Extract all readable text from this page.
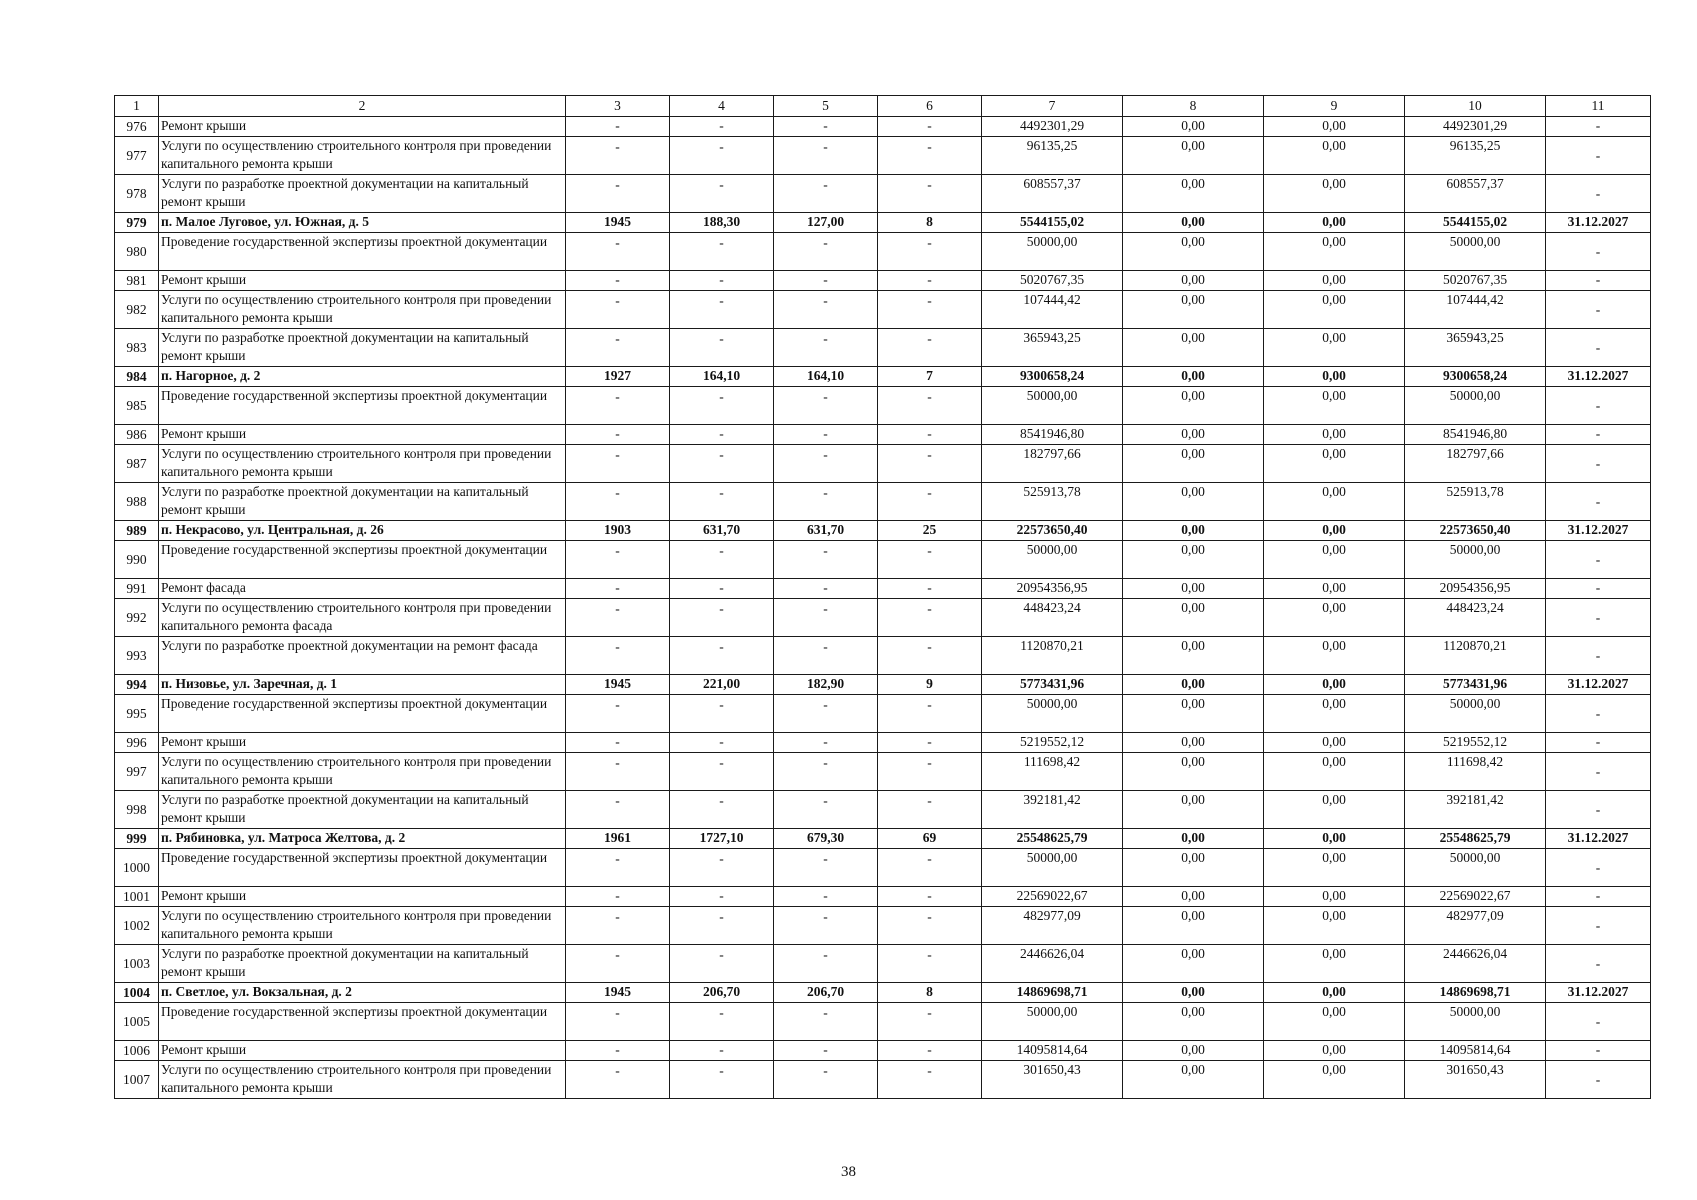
1	2	3	4	5	6	7	8	9	10	11
976	Ремонт крыши	-	-	-	-	4492301,29	0,00	0,00	4492301,29	-
977	Услуги по осуществлению строительного контроля при проведении капитального ремонта крыши	-	-	-	-	96135,25	0,00	0,00	96135,25	-
978	Услуги по разработке проектной документации на капитальный ремонт крыши	-	-	-	-	608557,37	0,00	0,00	608557,37	-
979	п. Малое Луговое, ул. Южная, д. 5	1945	188,30	127,00	8	5544155,02	0,00	0,00	5544155,02	31.12.2027
980	Проведение государственной экспертизы проектной документации	-	-	-	-	50000,00	0,00	0,00	50000,00	-
981	Ремонт крыши	-	-	-	-	5020767,35	0,00	0,00	5020767,35	-
982	Услуги по осуществлению строительного контроля при проведении капитального ремонта крыши	-	-	-	-	107444,42	0,00	0,00	107444,42	-
983	Услуги по разработке проектной документации на капитальный ремонт крыши	-	-	-	-	365943,25	0,00	0,00	365943,25	-
984	п. Нагорное, д. 2	1927	164,10	164,10	7	9300658,24	0,00	0,00	9300658,24	31.12.2027
985	Проведение государственной экспертизы проектной документации	-	-	-	-	50000,00	0,00	0,00	50000,00	-
986	Ремонт крыши	-	-	-	-	8541946,80	0,00	0,00	8541946,80	-
987	Услуги по осуществлению строительного контроля при проведении капитального ремонта крыши	-	-	-	-	182797,66	0,00	0,00	182797,66	-
988	Услуги по разработке проектной документации на капитальный ремонт крыши	-	-	-	-	525913,78	0,00	0,00	525913,78	-
989	п. Некрасово, ул. Центральная, д. 26	1903	631,70	631,70	25	22573650,40	0,00	0,00	22573650,40	31.12.2027
990	Проведение государственной экспертизы проектной документации	-	-	-	-	50000,00	0,00	0,00	50000,00	-
991	Ремонт фасада	-	-	-	-	20954356,95	0,00	0,00	20954356,95	-
992	Услуги по осуществлению строительного контроля при проведении капитального ремонта фасада	-	-	-	-	448423,24	0,00	0,00	448423,24	-
993	Услуги по разработке проектной документации на ремонт фасада	-	-	-	-	1120870,21	0,00	0,00	1120870,21	-
994	п. Низовье, ул. Заречная, д. 1	1945	221,00	182,90	9	5773431,96	0,00	0,00	5773431,96	31.12.2027
995	Проведение государственной экспертизы проектной документации	-	-	-	-	50000,00	0,00	0,00	50000,00	-
996	Ремонт крыши	-	-	-	-	5219552,12	0,00	0,00	5219552,12	-
997	Услуги по осуществлению строительного контроля при проведении капитального ремонта крыши	-	-	-	-	111698,42	0,00	0,00	111698,42	-
998	Услуги по разработке проектной документации на капитальный ремонт крыши	-	-	-	-	392181,42	0,00	0,00	392181,42	-
999	п. Рябиновка, ул. Матроса Желтова, д. 2	1961	1727,10	679,30	69	25548625,79	0,00	0,00	25548625,79	31.12.2027
1000	Проведение государственной экспертизы проектной документации	-	-	-	-	50000,00	0,00	0,00	50000,00	-
1001	Ремонт крыши	-	-	-	-	22569022,67	0,00	0,00	22569022,67	-
1002	Услуги по осуществлению строительного контроля при проведении капитального ремонта крыши	-	-	-	-	482977,09	0,00	0,00	482977,09	-
1003	Услуги по разработке проектной документации на капитальный ремонт крыши	-	-	-	-	2446626,04	0,00	0,00	2446626,04	-
1004	п. Светлое, ул. Вокзальная, д. 2	1945	206,70	206,70	8	14869698,71	0,00	0,00	14869698,71	31.12.2027
1005	Проведение государственной экспертизы проектной документации	-	-	-	-	50000,00	0,00	0,00	50000,00	-
1006	Ремонт крыши	-	-	-	-	14095814,64	0,00	0,00	14095814,64	-
1007	Услуги по осуществлению строительного контроля при проведении капитального ремонта крыши	-	-	-	-	301650,43	0,00	0,00	301650,43	-
38
